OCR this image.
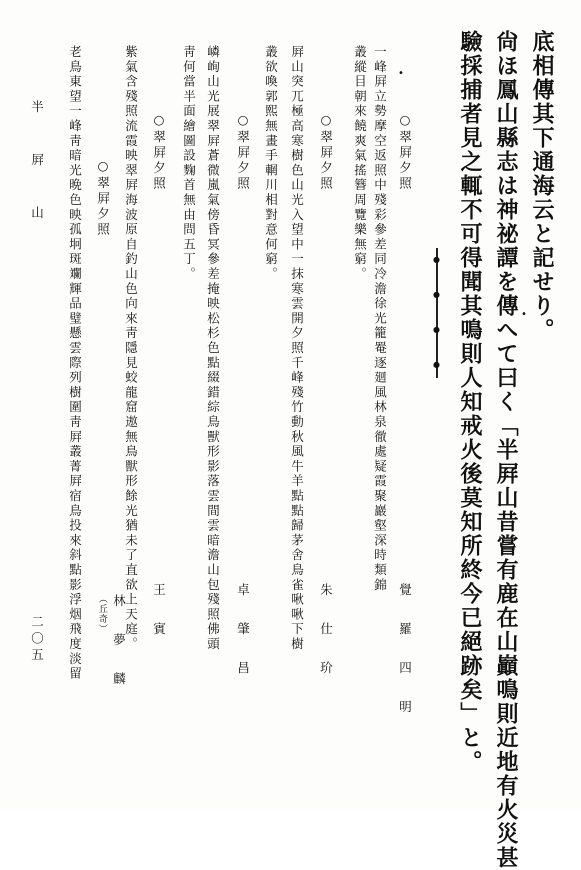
底相傳其下通海云と記せり。
尙ほ鳳山縣志は神祕譚を傳へて曰く「半屛山昔嘗有鹿在山巓鳴則近地有火災甚
驗採捕者見之輒不可得聞其鳴則人知戒火後莫知所終今已絕跡矣」と。	•
•
●
●
●
●
○翠屛夕照
覺　羅　四　明
一峰屛立勢摩空返照中殘彩參差同冷澹徐光籠罨逐廻風林泉徹處疑霞聚巖壑深時類錦
叢縱目朝來饒爽氣搖簪周覽樂無窮。
○翠屛夕照
朱　仕　玠
屛山突兀極高寒樹色山光入望中一抹寒雲開夕照千峰殘竹動秋風牛羊點點歸茅舍鳥雀啾啾下樹
叢欲喚郭熙無畫手輞川相對意何窮。
○翠屛夕照
卓　肇　昌
嶙峋山光展翠屛蒼微嵐氣傍昏冥參差掩映松杉色點綴錯綜鳥獸形影落雲間雲暗澹山包殘照佛頭
靑何當半面繪圖設麴首無由問五丁。
○翠屛夕照
王　賓
紫氣含殘照流霞映翠屛海波原自釣山色向來靑隱見蛟龍窟遨無鳥獸形餘光猶未了直欲上天庭。
○翠屛夕照
（丘奇） 林　夢　麟
老鳥東望一峰靑暗光晩色映孤坰斑斕輝品璧懸雲際列樹圍靑屛叢菁屛宿鳥投來斜點影浮烟飛度淡留
半　屛　山
二〇五
